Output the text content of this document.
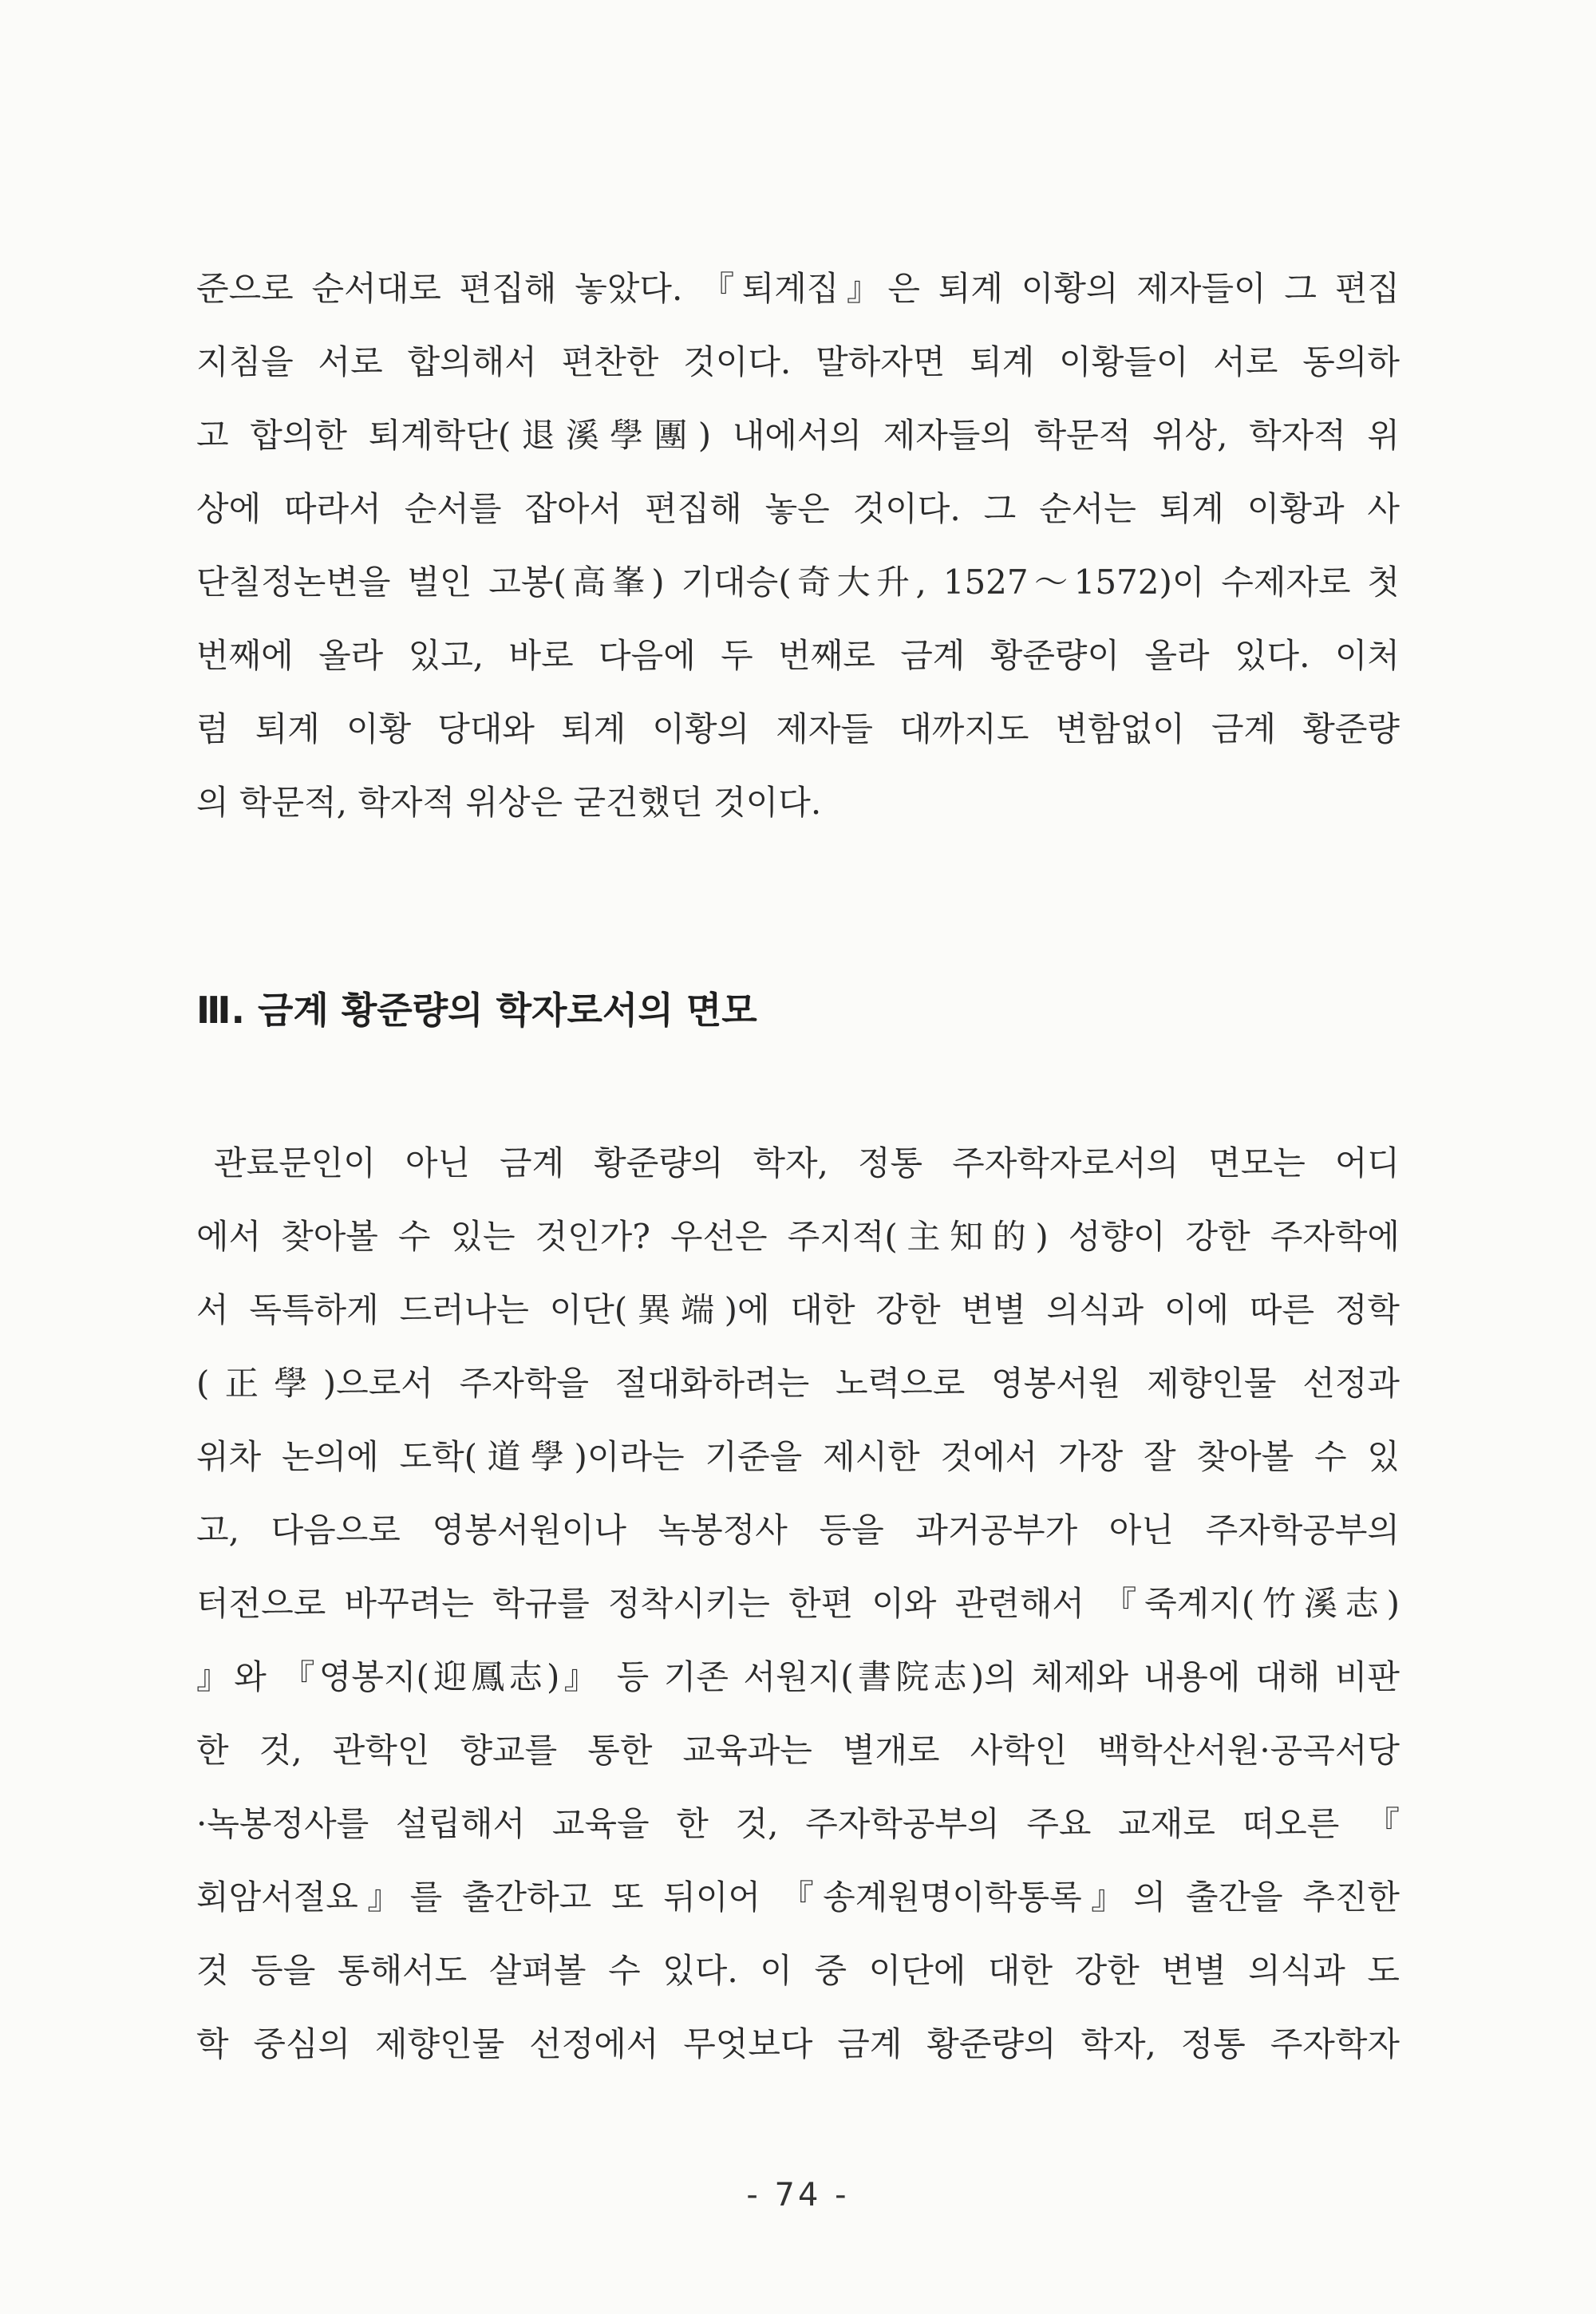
준으로 순서대로 편집해 놓았다. 『퇴계집』은 퇴계 이황의 제자들이 그 편집
지침을 서로 합의해서 편찬한 것이다. 말하자면 퇴계 이황들이 서로 동의하
고 합의한 퇴계학단(退溪學團) 내에서의 제자들의 학문적 위상, 학자적 위
상에 따라서 순서를 잡아서 편집해 놓은 것이다. 그 순서는 퇴계 이황과 사
단칠정논변을 벌인 고봉(高峯) 기대승(奇大升, 1527～1572)이 수제자로 첫
번째에 올라 있고, 바로 다음에 두 번째로 금계 황준량이 올라 있다. 이처
럼 퇴계 이황 당대와 퇴계 이황의 제자들 대까지도 변함없이 금계 황준량
의 학문적, 학자적 위상은 굳건했던 것이다.
Ⅲ. 금계 황준량의 학자로서의 면모
관료문인이 아닌 금계 황준량의 학자, 정통 주자학자로서의 면모는 어디
에서 찾아볼 수 있는 것인가? 우선은 주지적(主知的) 성향이 강한 주자학에
서 독특하게 드러나는 이단(異端)에 대한 강한 변별 의식과 이에 따른 정학
(正學)으로서 주자학을 절대화하려는 노력으로 영봉서원 제향인물 선정과
위차 논의에 도학(道學)이라는 기준을 제시한 것에서 가장 잘 찾아볼 수 있
고, 다음으로 영봉서원이나 녹봉정사 등을 과거공부가 아닌 주자학공부의
터전으로 바꾸려는 학규를 정착시키는 한편 이와 관련해서 『죽계지(竹溪志)
』와 『영봉지(迎鳳志)』 등 기존 서원지(書院志)의 체제와 내용에 대해 비판
한 것, 관학인 향교를 통한 교육과는 별개로 사학인 백학산서원·공곡서당
·녹봉정사를 설립해서 교육을 한 것, 주자학공부의 주요 교재로 떠오른 『
회암서절요』를 출간하고 또 뒤이어 『송계원명이학통록』의 출간을 추진한
것 등을 통해서도 살펴볼 수 있다. 이 중 이단에 대한 강한 변별 의식과 도
학 중심의 제향인물 선정에서 무엇보다 금계 황준량의 학자, 정통 주자학자
- 74 -
